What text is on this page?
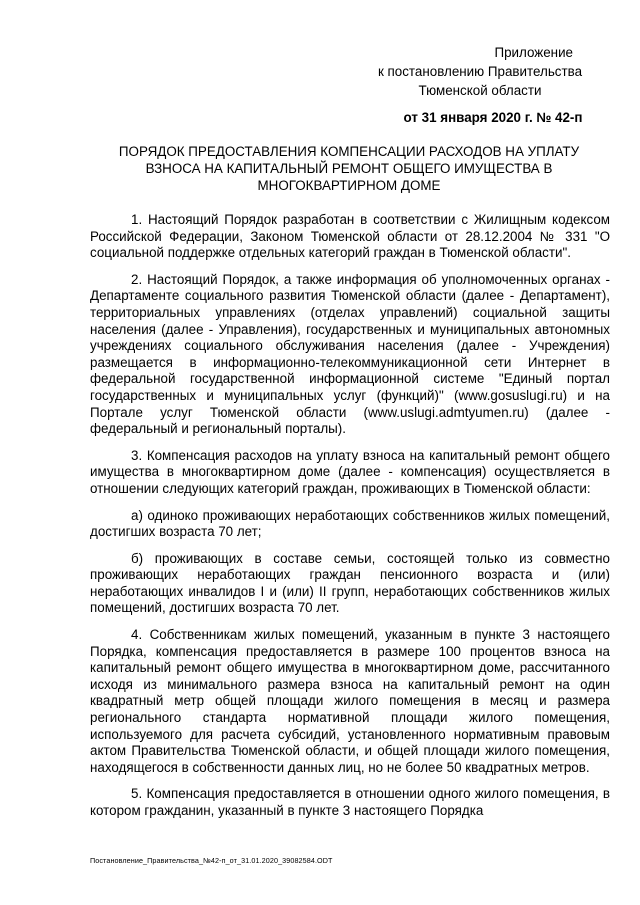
Приложение
к постановлению Правительства
Тюменской области
от 31 января 2020 г. № 42-п
ПОРЯДОК ПРЕДОСТАВЛЕНИЯ КОМПЕНСАЦИИ РАСХОДОВ НА УПЛАТУ ВЗНОСА НА КАПИТАЛЬНЫЙ РЕМОНТ ОБЩЕГО ИМУЩЕСТВА В МНОГОКВАРТИРНОМ ДОМЕ

1. Настоящий Порядок разработан в соответствии с Жилищным кодексом Российской Федерации, Законом Тюменской области от 28.12.2004 № 331 "О социальной поддержке отдельных категорий граждан в Тюменской области".

2. Настоящий Порядок, а также информация об уполномоченных органах - Департаменте социального развития Тюменской области (далее - Департамент), территориальных управлениях (отделах управлений) социальной защиты населения (далее - Управления), государственных и муниципальных автономных учреждениях социального обслуживания населения (далее - Учреждения) размещается в информационно-телекоммуникационной сети Интернет в федеральной государственной информационной системе "Единый портал государственных и муниципальных услуг (функций)" (www.gosuslugi.ru) и на Портале услуг Тюменской области (www.uslugi.admtyumen.ru) (далее - федеральный и региональный порталы).

3. Компенсация расходов на уплату взноса на капитальный ремонт общего имущества в многоквартирном доме (далее - компенсация) осуществляется в отношении следующих категорий граждан, проживающих в Тюменской области:

а) одиноко проживающих неработающих собственников жилых помещений, достигших возраста 70 лет;

б) проживающих в составе семьи, состоящей только из совместно проживающих неработающих граждан пенсионного возраста и (или) неработающих инвалидов I и (или) II групп, неработающих собственников жилых помещений, достигших возраста 70 лет.

4. Собственникам жилых помещений, указанным в пункте 3 настоящего Порядка, компенсация предоставляется в размере 100 процентов взноса на капитальный ремонт общего имущества в многоквартирном доме, рассчитанного исходя из минимального размера взноса на капитальный ремонт на один квадратный метр общей площади жилого помещения в месяц и размера регионального стандарта нормативной площади жилого помещения, используемого для расчета субсидий, установленного нормативным правовым актом Правительства Тюменской области, и общей площади жилого помещения, находящегося в собственности данных лиц, но не более 50 квадратных метров.

5. Компенсация предоставляется в отношении одного жилого помещения, в котором гражданин, указанный в пункте 3 настоящего Порядка

Постановление_Правительства_№42-п_от_31.01.2020_39082584.ODT
